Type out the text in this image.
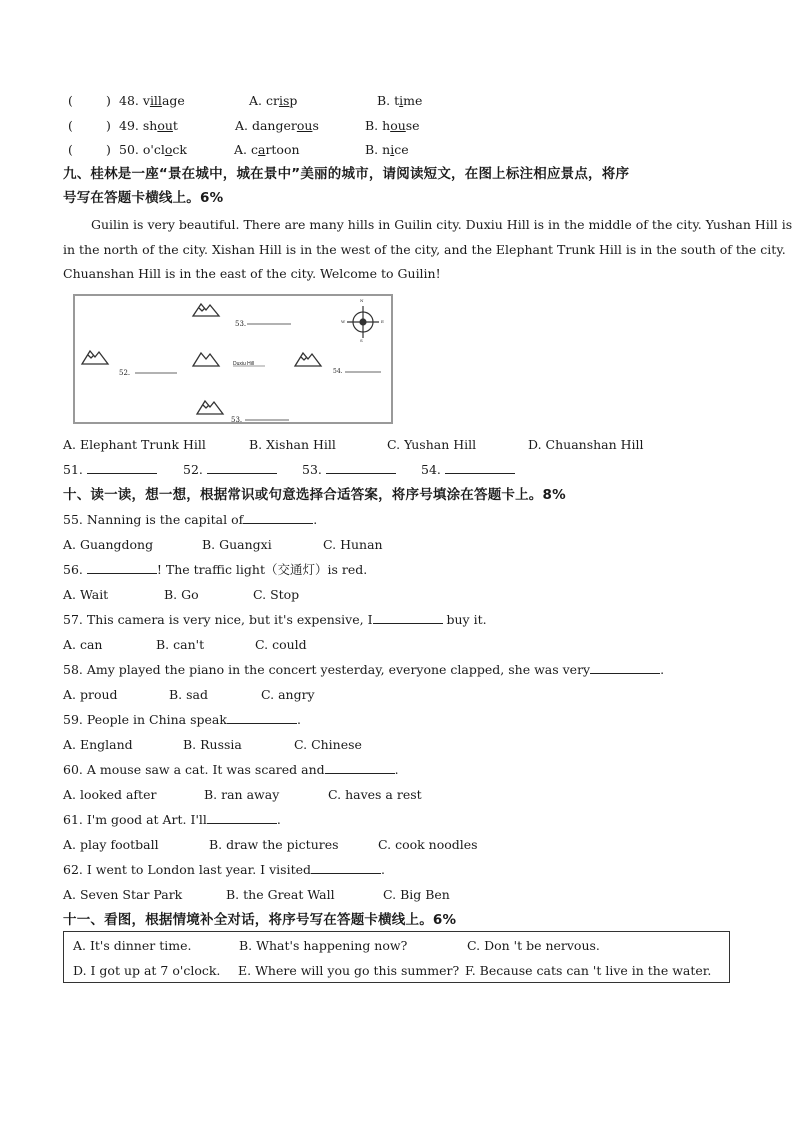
(	) 48. village	A. crisp	B. time
(	) 49. shout	A. dangerous	B. house
(	) 50. o'clock	A. cartoon	B. nice
九、桂林是一座“景在城中，城在景中”美丽的城市，请阅读短文，在图上标注相应景点，将序
号写在答题卡横线上。6%
Guilin is very beautiful. There are many hills in Guilin city. Duxiu Hill is in the middle of the city. Yushan Hill is
in the north of the city. Xishan Hill is in the west of the city, and the Elephant Trunk Hill is in the south of the city.
Chuanshan Hill is in the east of the city. Welcome to Guilin!
53.
52.
Duxiu Hill
54.
53.
N
S
W	E
A. Elephant Trunk Hill	B. Xishan Hill	C. Yushan Hill	D. Chuanshan Hill
51.	52.	53.	54.
十、读一读，想一想，根据常识或句意选择合适答案，将序号填涂在答题卡上。8%
55. Nanning is the capital of	.
A. Guangdong	B. Guangxi	C. Hunan
56.	! The traffic light（交通灯）is red.
A. Wait	B. Go	C. Stop
57. This camera is very nice, but it's expensive, I	buy it.
A. can	B. can't	C. could
58. Amy played the piano in the concert yesterday, everyone clapped, she was very	.
A. proud	B. sad	C. angry
59. People in China speak	.
A. England	B. Russia	C. Chinese
60. A mouse saw a cat. It was scared and	.
A. looked after	B. ran away	C. haves a rest
61. I'm good at Art. I'll	.
A. play football	B. draw the pictures	C. cook noodles
62. I went to London last year. I visited	.
A. Seven Star Park	B. the Great Wall	C. Big Ben
十一、看图，根据情境补全对话，将序号写在答题卡横线上。6%
A. It's dinner time.	B. What's happening now?	C. Don 't be nervous.
D. I got up at 7 o'clock. E. Where will you go this summer? F. Because cats can 't live in the water.
